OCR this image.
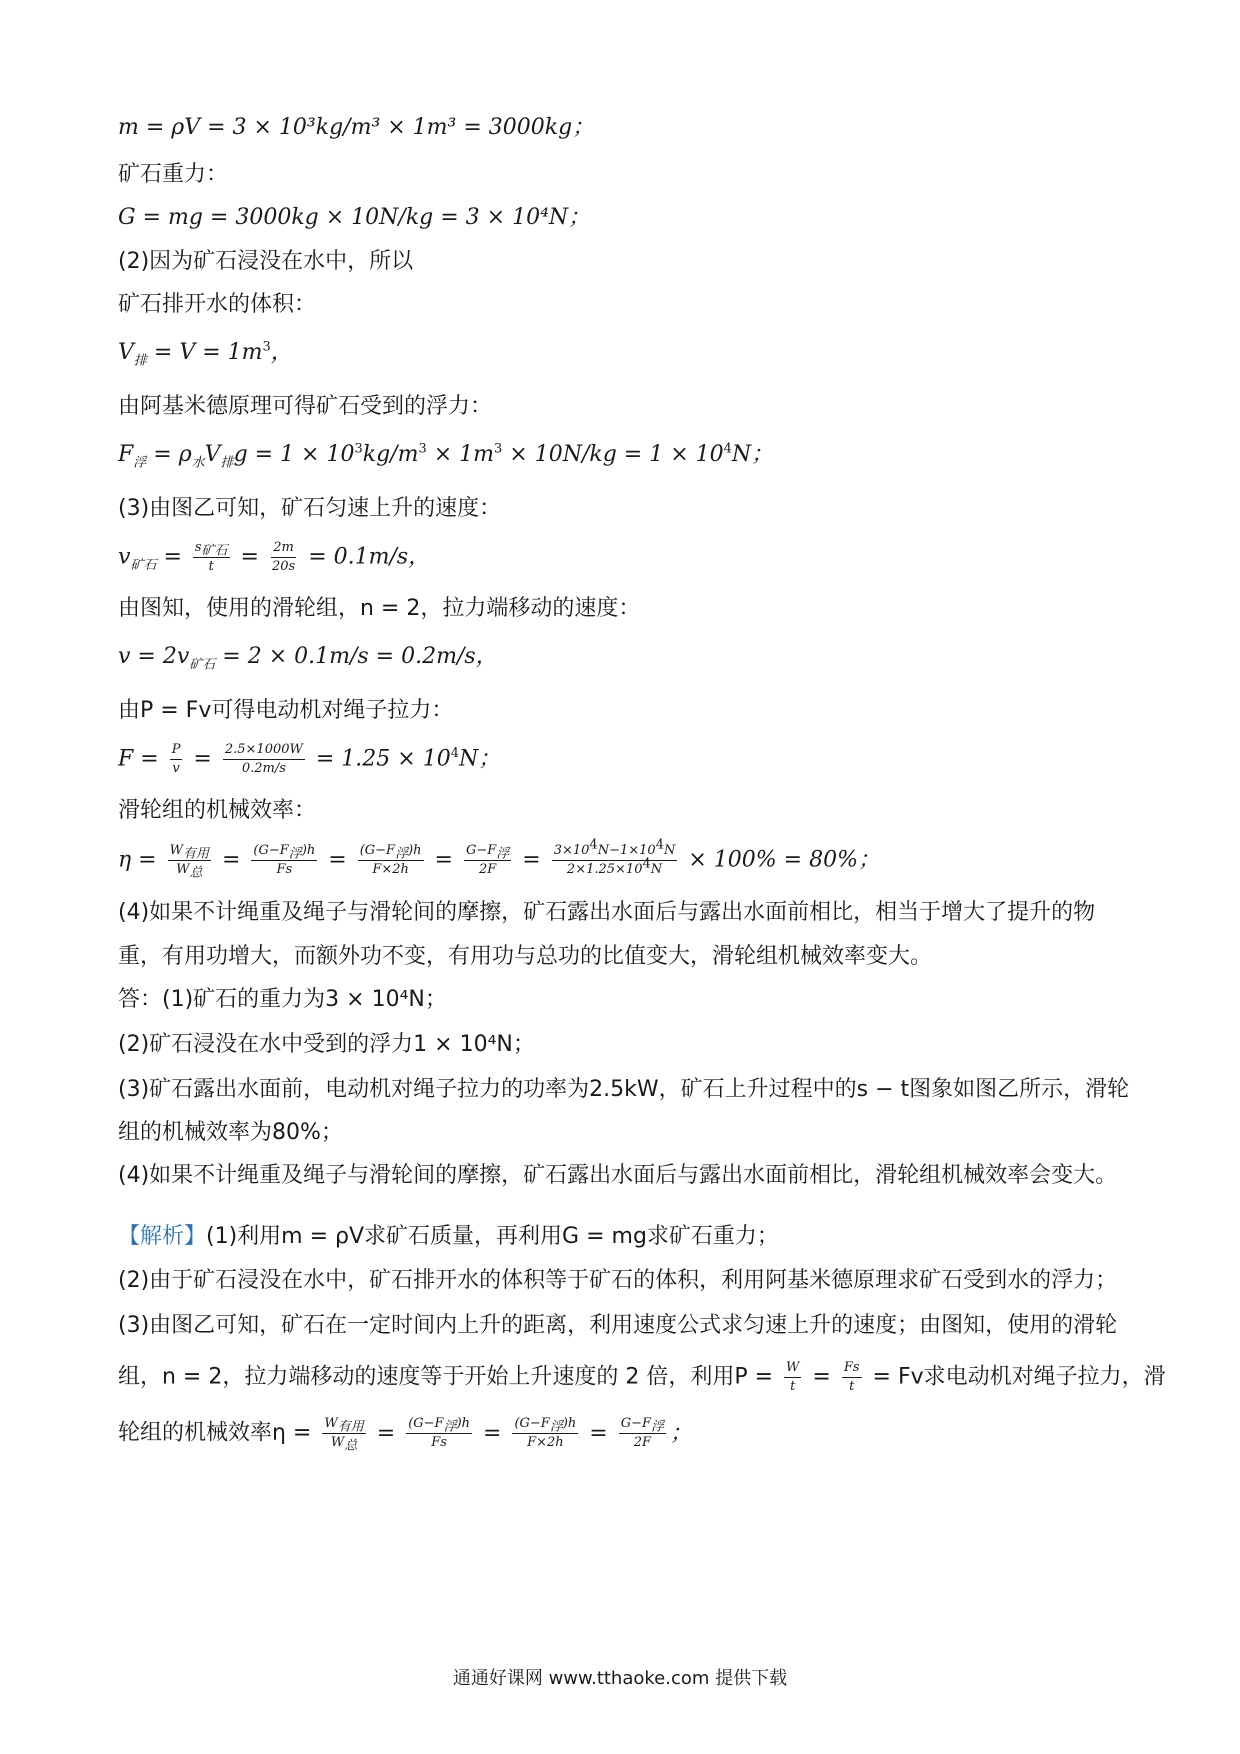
m = ρV = 3 × 10³kg/m³ × 1m³ = 3000kg；
矿石重力：
G = mg = 3000kg × 10N/kg = 3 × 10⁴N；
(2)因为矿石浸没在水中，所以
矿石排开水的体积：
$V_排 = V = 1m^3$，
由阿基米德原理可得矿石受到的浮力：
$F_浮 = \rho_水V_排g = 1 \times 10^3kg/m^3 \times 1m^3 \times 10N/kg = 1 \times 10^4N$；
(3)由图乙可知，矿石匀速上升的速度：
$v_{矿石} = \frac{s_{矿石}}{t} = \frac{2m}{20s} = 0.1m/s$，
由图知，使用的滑轮组，n = 2，拉力端移动的速度：
$v = 2v_{矿石} = 2 \times 0.1m/s = 0.2m/s$，
由P = Fv可得电动机对绳子拉力：
$F = \frac{P}{v} = \frac{2.5\times 1000W}{0.2m/s} = 1.25 \times 10^4N$；
滑轮组的机械效率：
$\eta = \frac{W_{有用}}{W_总} = \frac{(G-F_浮)h}{Fs} = \frac{(G-F_浮)h}{F\times 2h} = \frac{G-F_浮}{2F} = \frac{3\times 10^4N-1\times 10^4N}{2\times 1.25\times 10^4N} \times 100\% = 80\%$；
(4)如果不计绳重及绳子与滑轮间的摩擦，矿石露出水面后与露出水面前相比，相当于增大了提升的物
重，有用功增大，而额外功不变，有用功与总功的比值变大，滑轮组机械效率变大。
答：(1)矿石的重力为3 × 10⁴N；
(2)矿石浸没在水中受到的浮力1 × 10⁴N；
(3)矿石露出水面前，电动机对绳子拉力的功率为2.5kW，矿石上升过程中的s − t图象如图乙所示，滑轮
组的机械效率为80%；
(4)如果不计绳重及绳子与滑轮间的摩擦，矿石露出水面后与露出水面前相比，滑轮组机械效率会变大。
【解析】(1)利用m = ρV求矿石质量，再利用G = mg求矿石重力；
(2)由于矿石浸没在水中，矿石排开水的体积等于矿石的体积，利用阿基米德原理求矿石受到水的浮力；
(3)由图乙可知，矿石在一定时间内上升的距离，利用速度公式求匀速上升的速度；由图知，使用的滑轮
组，n = 2，拉力端移动的速度等于开始上升速度的 2 倍，利用$P = \frac{W}{t} = \frac{Fs}{t} = Fv$求电动机对绳子拉力，滑
轮组的机械效率$\eta = \frac{W_{有用}}{W_总} = \frac{(G-F_浮)h}{Fs} = \frac{(G-F_浮)h}{F\times 2h} = \frac{G-F_浮}{2F}$ ；
通通好课网 www.tthaoke.com 提供下载
